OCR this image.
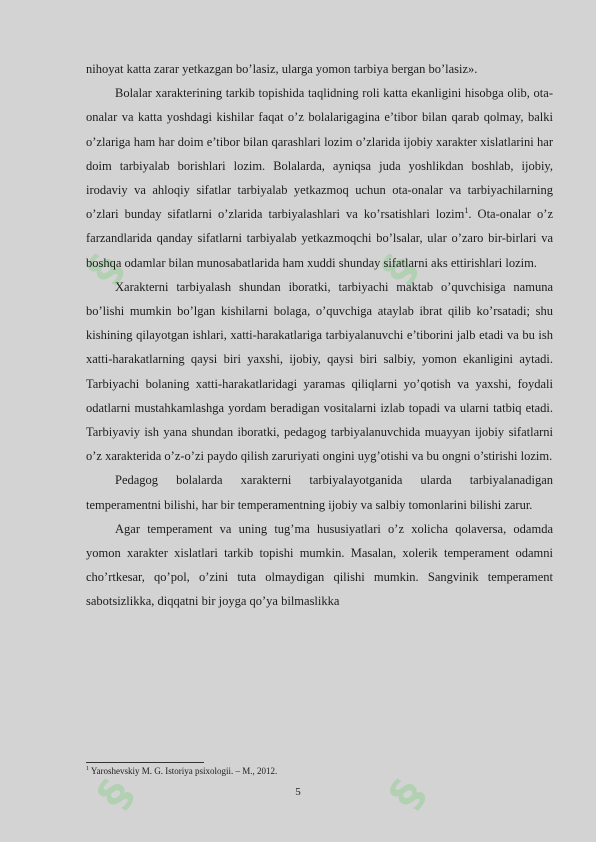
§	§
§	§

nihoyat katta zarar yetkazgan bo’lasiz, ularga yomon tarbiya bergan bo’lasiz».

Bolalar xarakterining tarkib topishida taqlidning roli katta ekanligini hisobga olib, ota-onalar va katta yoshdagi kishilar faqat o’z bolalarigagina e’tibor bilan qarab qolmay, balki o’zlariga ham har doim e’tibor bilan qarashlari lozim o’zlarida ijobiy xarakter xislatlarini har doim tarbiyalab borishlari lozim. Bolalarda, ayniqsa juda yoshlikdan boshlab, ijobiy, irodaviy va ahloqiy sifatlar tarbiyalab yetkazmoq uchun ota-onalar va tarbiyachilarning o’zlari bunday sifatlarni o’zlarida tarbiyalashlari va ko’rsatishlari lozim$^1$. Ota-onalar o’z farzandlarida qanday sifatlarni tarbiyalab yetkazmoqchi bo’lsalar, ular o’zaro bir-birlari va boshqa odamlar bilan munosabatlarida ham xuddi shunday sifatlarni aks ettirishlari lozim.

Xarakterni tarbiyalash shundan iboratki, tarbiyachi maktab o’quvchisiga namuna bo’lishi mumkin bo’lgan kishilarni bolaga, o’quvchiga ataylab ibrat qilib ko’rsatadi; shu kishining qilayotgan ishlari, xatti-harakatlariga tarbiyalanuvchi e’tiborini jalb etadi va bu ish xatti-harakatlarning qaysi biri yaxshi, ijobiy, qaysi biri salbiy, yomon ekanligini aytadi. Tarbiyachi bolaning xatti-harakatlaridagi yaramas qiliqlarni yo’qotish va yaxshi, foydali odatlarni mustahkamlashga yordam beradigan vositalarni izlab topadi va ularni tatbiq etadi. Tarbiyaviy ish yana shundan iboratki, pedagog tarbiyalanuvchida muayyan ijobiy sifatlarni o’z xarakterida o’z-o’zi paydo qilish zaruriyati ongini uyg’otishi va bu ongni o’stirishi lozim.

Pedagog bolalarda xarakterni tarbiyalayotganida ularda tarbiyalanadigan temperamentni bilishi, har bir temperamentning ijobiy va salbiy tomonlarini bilishi zarur.

Agar temperament va uning tug’ma hususiyatlari o’z xolicha qolaversa, odamda yomon xarakter xislatlari tarkib topishi mumkin. Masalan, xolerik temperament odamni cho’rtkesar, qo’pol, o’zini tuta olmaydigan qilishi mumkin. Sangvinik temperament sabotsizlikka, diqqatni bir joyga qo’ya bilmaslikka

$^1$ Yaroshevskiy M. G. Istoriya psixologii. – M., 2012.
5
